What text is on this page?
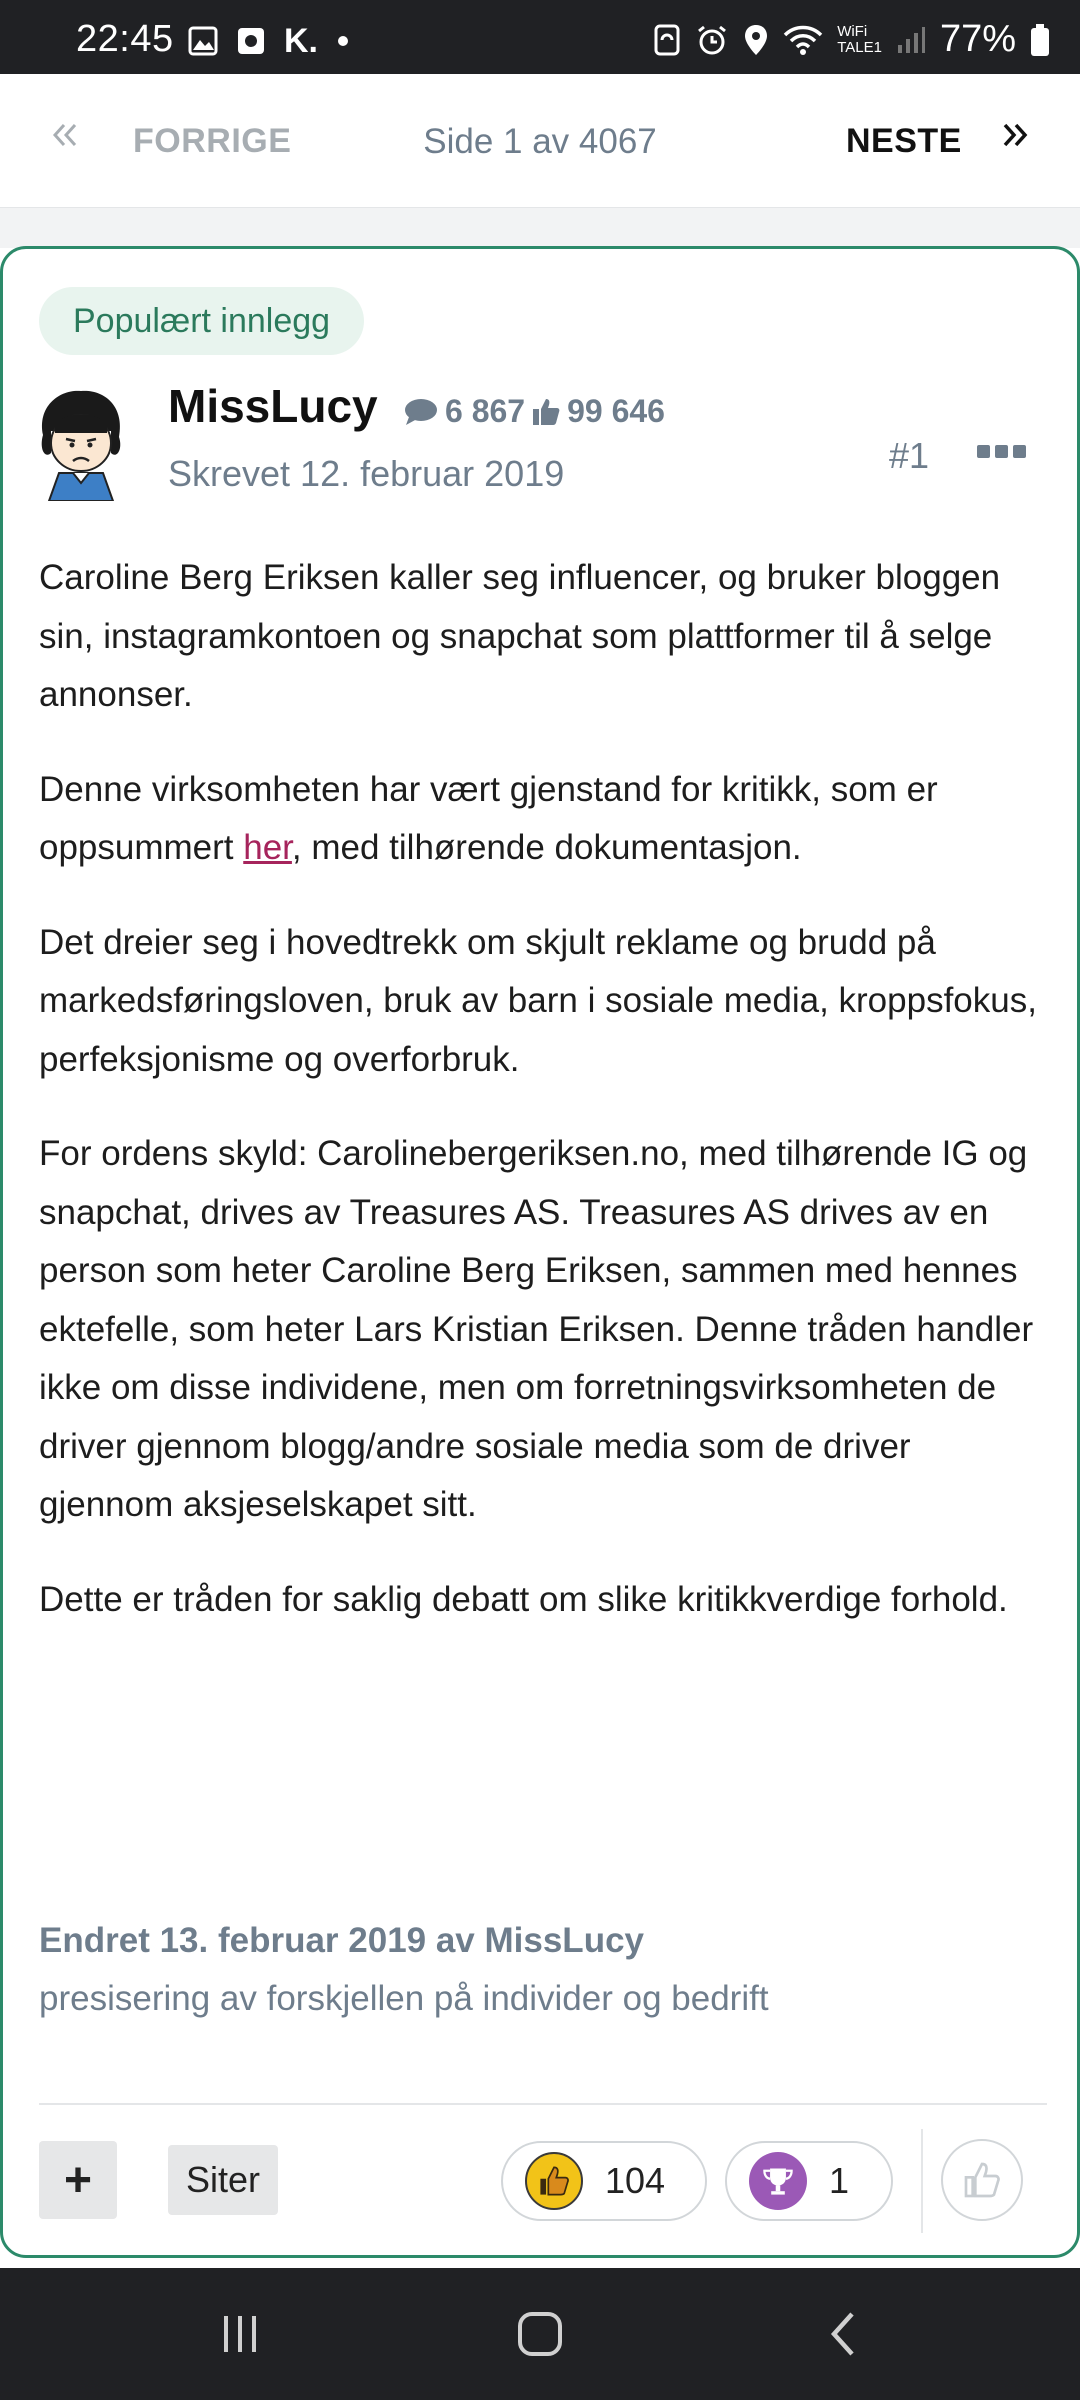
22:45	K.	WiFi
TALE1 77%
FORRIGE	Side 1 av 4067	NESTE
Populært innlegg
MissLucy 6 867 99 646
Skrevet 12. februar 2019	#1

Caroline Berg Eriksen kaller seg influencer, og bruker bloggen sin, instagramkontoen og snapchat som plattformer til å selge annonser.

Denne virksomheten har vært gjenstand for kritikk, som er oppsummert her, med tilhørende dokumentasjon.

Det dreier seg i hovedtrekk om skjult reklame og brudd på markedsføringsloven, bruk av barn i sosiale media, kroppsfokus, perfeksjonisme og overforbruk.

For ordens skyld: Carolinebergeriksen.no, med tilhørende IG og snapchat, drives av Treasures AS. Treasures AS drives av en person som heter Caroline Berg Eriksen, sammen med hennes ektefelle, som heter Lars Kristian Eriksen. Denne tråden handler ikke om disse individene, men om forretningsvirksomheten de driver gjennom blogg/andre sosiale media som de driver gjennom aksjeselskapet sitt.

Dette er tråden for saklig debatt om slike kritikkverdige forhold.

Endret 13. februar 2019 av MissLucy
presisering av forskjellen på individer og bedrift
+	Siter	104	1
